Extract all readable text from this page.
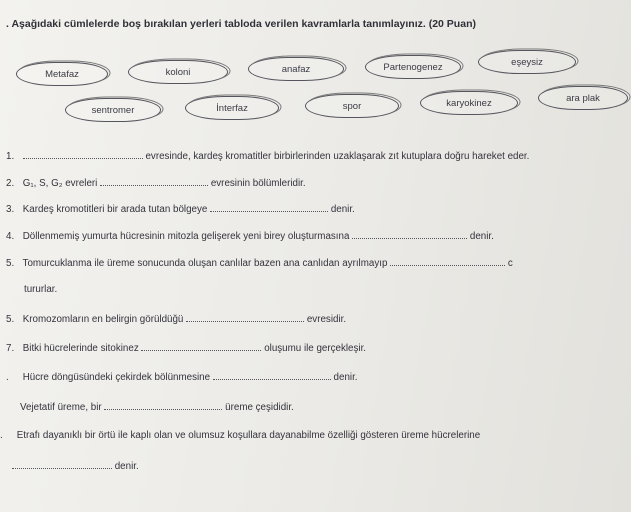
. Aşağıdaki cümlelerde boş bırakılan yerleri tabloda verilen kavramlarla tanımlayınız. (20 Puan)
Metafaz	koloni	anafaz	Partenogenez	eşeysiz
sentromer	İnterfaz	spor	karyokinez	ara plak
1.	evresinde, kardeş kromatitler birbirlerinden uzaklaşarak zıt kutuplara doğru hareket eder.
2. G₁, S, G₂ evreleri	evresinin bölümleridir.
3. Kardeş kromotitleri bir arada tutan bölgeye	denir.
4. Döllenmemiş yumurta hücresinin mitozla gelişerek yeni birey oluşturmasına	denir.
5. Tomurcuklanma ile üreme sonucunda oluşan canlılar bazen ana canlıdan ayrılmayıp	c
tururlar.
5. Kromozomların en belirgin görüldüğü	evresidir.
7. Bitki hücrelerinde sitokinez	oluşumu ile gerçekleşir.
. Hücre döngüsündeki çekirdek bölünmesine	denir.
Vejetatif üreme, bir	üreme çeşididir.
. Etrafı dayanıklı bir örtü ile kaplı olan ve olumsuz koşullara dayanabilme özelliği gösteren üreme hücrelerine
denir.
